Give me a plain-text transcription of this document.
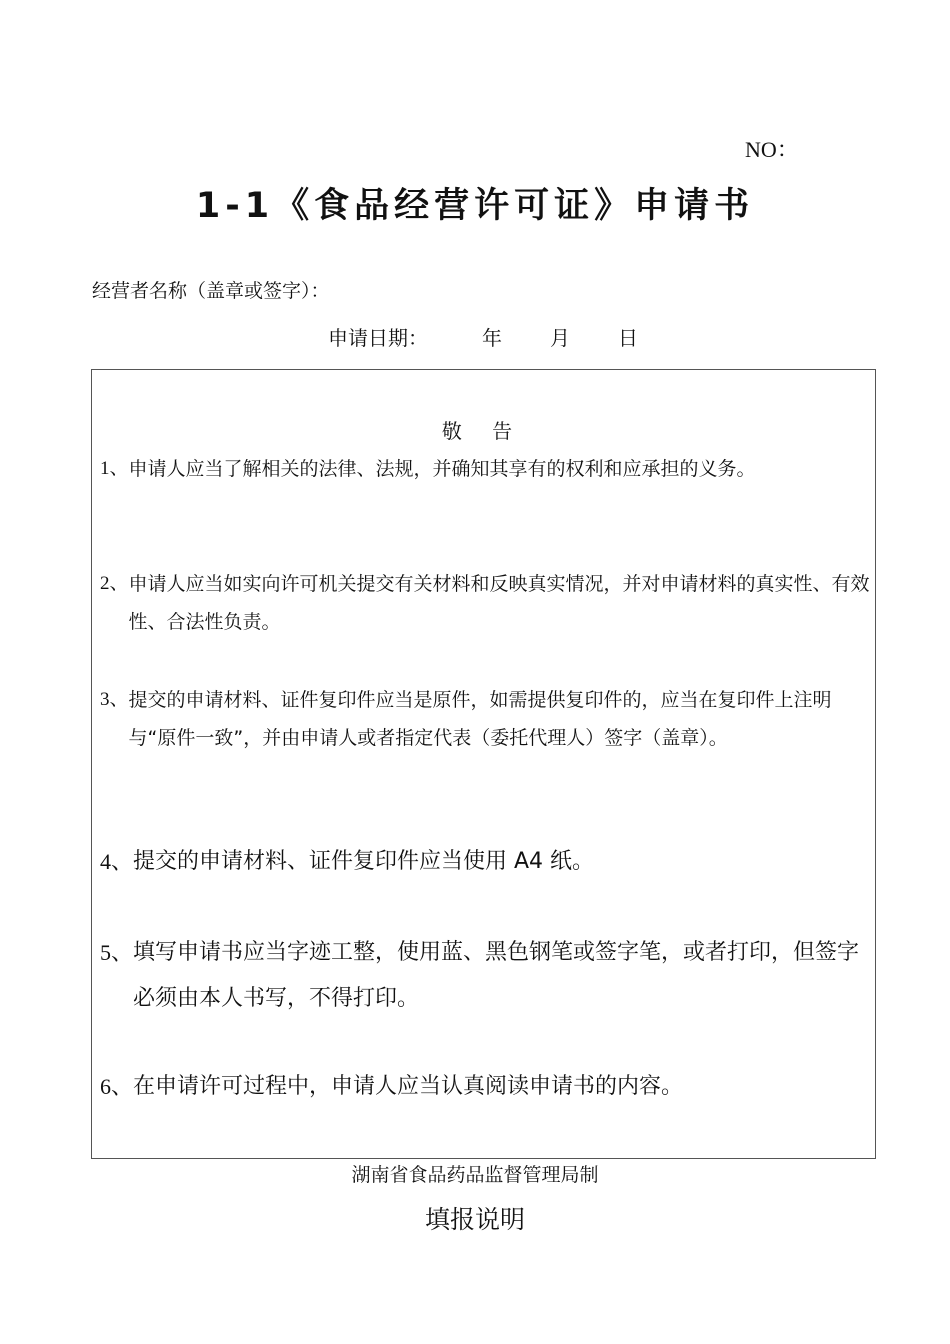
NO：
1-1《食品经营许可证》申请书
经营者名称（盖章或签字）：
申请日期：	年	月	日
敬 告
1、 申请人应当了解相关的法律、法规，并确知其享有的权利和应承担的义务。
2、 申请人应当如实向许可机关提交有关材料和反映真实情况，并对申请材料的真实性、有效性、合法性负责。
3、 提交的申请材料、证件复印件应当是原件，如需提供复印件的，应当在复印件上注明与“原件一致”，并由申请人或者指定代表（委托代理人）签字（盖章）。
4、 提交的申请材料、证件复印件应当使用 A4 纸。
5、 填写申请书应当字迹工整，使用蓝、黑色钢笔或签字笔，或者打印，但签字必须由本人书写，不得打印。
6、 在申请许可过程中，申请人应当认真阅读申请书的内容。
湖南省食品药品监督管理局制
填报说明
